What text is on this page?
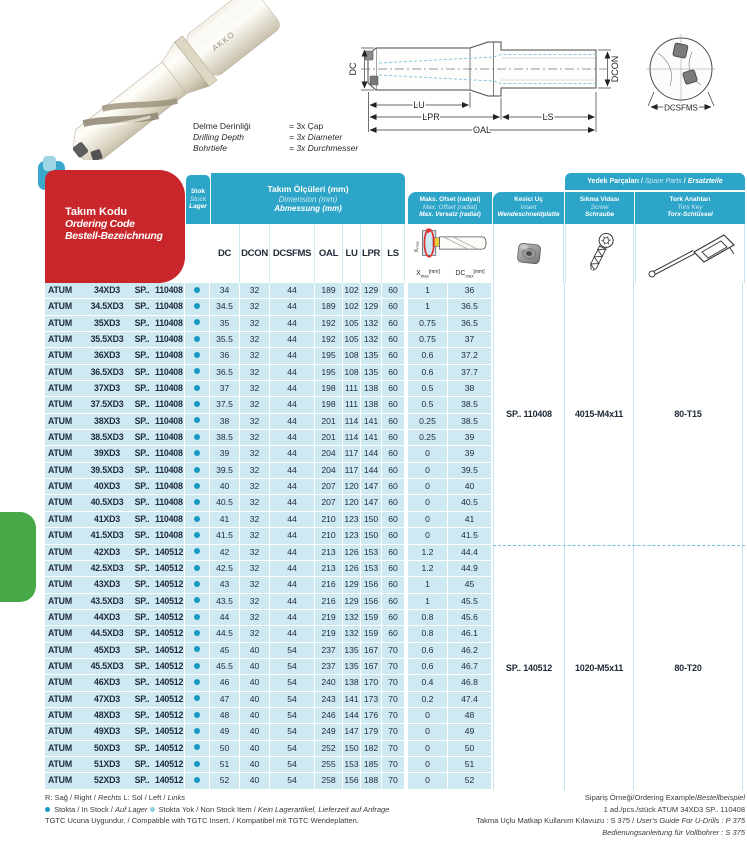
AKKO
Delme Derinliği	= 3x Çap
Drilling Depth	= 3x Diameter
Bohrtiefe	= 3x Durchmesser
DC	DCON
LU
LPR	LS
OAL
DCSFMS
Takım Kodu
Ordering Code
Bestell-Bezeichnung
Stok
Stock
Lager
Takım Ölçüleri (mm)
Dimension (mm)
Abmessung (mm)
Yedek Parçaları / Spare Parts / Ersatzteile
Maks. Ofset (radyal)
Max. Offset (radial)
Max. Versatz (radial)
Kesici Uç
Insert
Wendeschneidplatte
Sıkma Vidası
Screw
Schraube
Tork Anahtarı
Torx Key
Torx-Schlüssel
DC	DCON DCSFMS OAL LU LPR LS	Xmax
$X_{max}[mm]$	$DC_{max}[mm]$
ATUM	34XD3	SP.. 110408	34	32	44	189	102 129	60	1	36
ATUM	34.5XD3	SP.. 110408	34.5	32	44	189	102 129	60	1	36.5
ATUM	35XD3	SP.. 110408	35	32	44	192	105 132	60	0.75	36.5
ATUM	35.5XD3	SP.. 110408	35.5	32	44	192	105 132	60	0.75	37
ATUM	36XD3	SP.. 110408	36	32	44	195	108 135	60	0.6	37.2
ATUM	36.5XD3	SP.. 110408	36.5	32	44	195	108 135	60	0.6	37.7
ATUM	37XD3	SP.. 110408	37	32	44	198	111 138	60	0.5	38
ATUM	37.5XD3	SP.. 110408	37.5	32	44	198	111 138	60	0.5	38.5
ATUM	38XD3	SP.. 110408	38	32	44	201	114 141	60	0.25	38.5
ATUM	38.5XD3	SP.. 110408	38.5	32	44	201	114 141	60	0.25	39
ATUM	39XD3	SP.. 110408	39	32	44	204	117 144	60	0	39
ATUM	39.5XD3	SP.. 110408	39.5	32	44	204	117 144	60	0	39.5
ATUM	40XD3	SP.. 110408	40	32	44	207	120 147	60	0	40
ATUM	40.5XD3	SP.. 110408	40.5	32	44	207	120 147	60	0	40.5
ATUM	41XD3	SP.. 110408	41	32	44	210	123 150	60	0	41
ATUM	41.5XD3	SP.. 110408	41.5	32	44	210	123 150	60	0	41.5
ATUM	42XD3	SP.. 140512	42	32	44	213	126 153	60	1.2	44.4
ATUM	42.5XD3	SP.. 140512	42.5	32	44	213	126 153	60	1.2	44.9
ATUM	43XD3	SP.. 140512	43	32	44	216	129 156	60	1	45
ATUM	43.5XD3	SP.. 140512	43.5	32	44	216	129 156	60	1	45.5
ATUM	44XD3	SP.. 140512	44	32	44	219	132 159	60	0.8	45.6
ATUM	44.5XD3	SP.. 140512	44.5	32	44	219	132 159	60	0.8	46.1
ATUM	45XD3	SP.. 140512	45	40	54	237	135 167	70	0.6	46.2
ATUM	45.5XD3	SP.. 140512	45.5	40	54	237	135 167	70	0.6	46.7
ATUM	46XD3	SP.. 140512	46	40	54	240	138 170	70	0.4	46.8
ATUM	47XD3	SP.. 140512	47	40	54	243	141 173	70	0.2	47.4
ATUM	48XD3	SP.. 140512	48	40	54	246	144 176	70	0	48
ATUM	49XD3	SP.. 140512	49	40	54	249	147 179	70	0	49
ATUM	50XD3	SP.. 140512	50	40	54	252	150 182	70	0	50
ATUM	51XD3	SP.. 140512	51	40	54	255	153 185	70	0	51
ATUM	52XD3	SP.. 140512	52	40	54	258	156 188	70	0	52
SP.. 110408	4015-M4x11	80-T15
SP.. 140512	1020-M5x11	80-T20
R: Sağ / Right / Rechts L: Sol / Left / Links
Stokta / In Stock / Auf Lager  Stokta Yok / Non Stock Item / Kein Lagerartikel, Lieferzeit auf Anfrage
TGTC Ucuna Uygundur. / Compatible with TGTC Insert. / Kompatibel mit TGTC Wendeplatten.
Sipariş Örneği/Ordering Example/Bestellbeispiel
1 ad./pcs./stück ATUM 34XD3 SP.. 110408
Takma Uçlu Matkap Kullanım Kılavuzu : S 375 / User's Guide For U-Drills : P 375
Bedienungsanleitung für Vollbohrer : S 375
